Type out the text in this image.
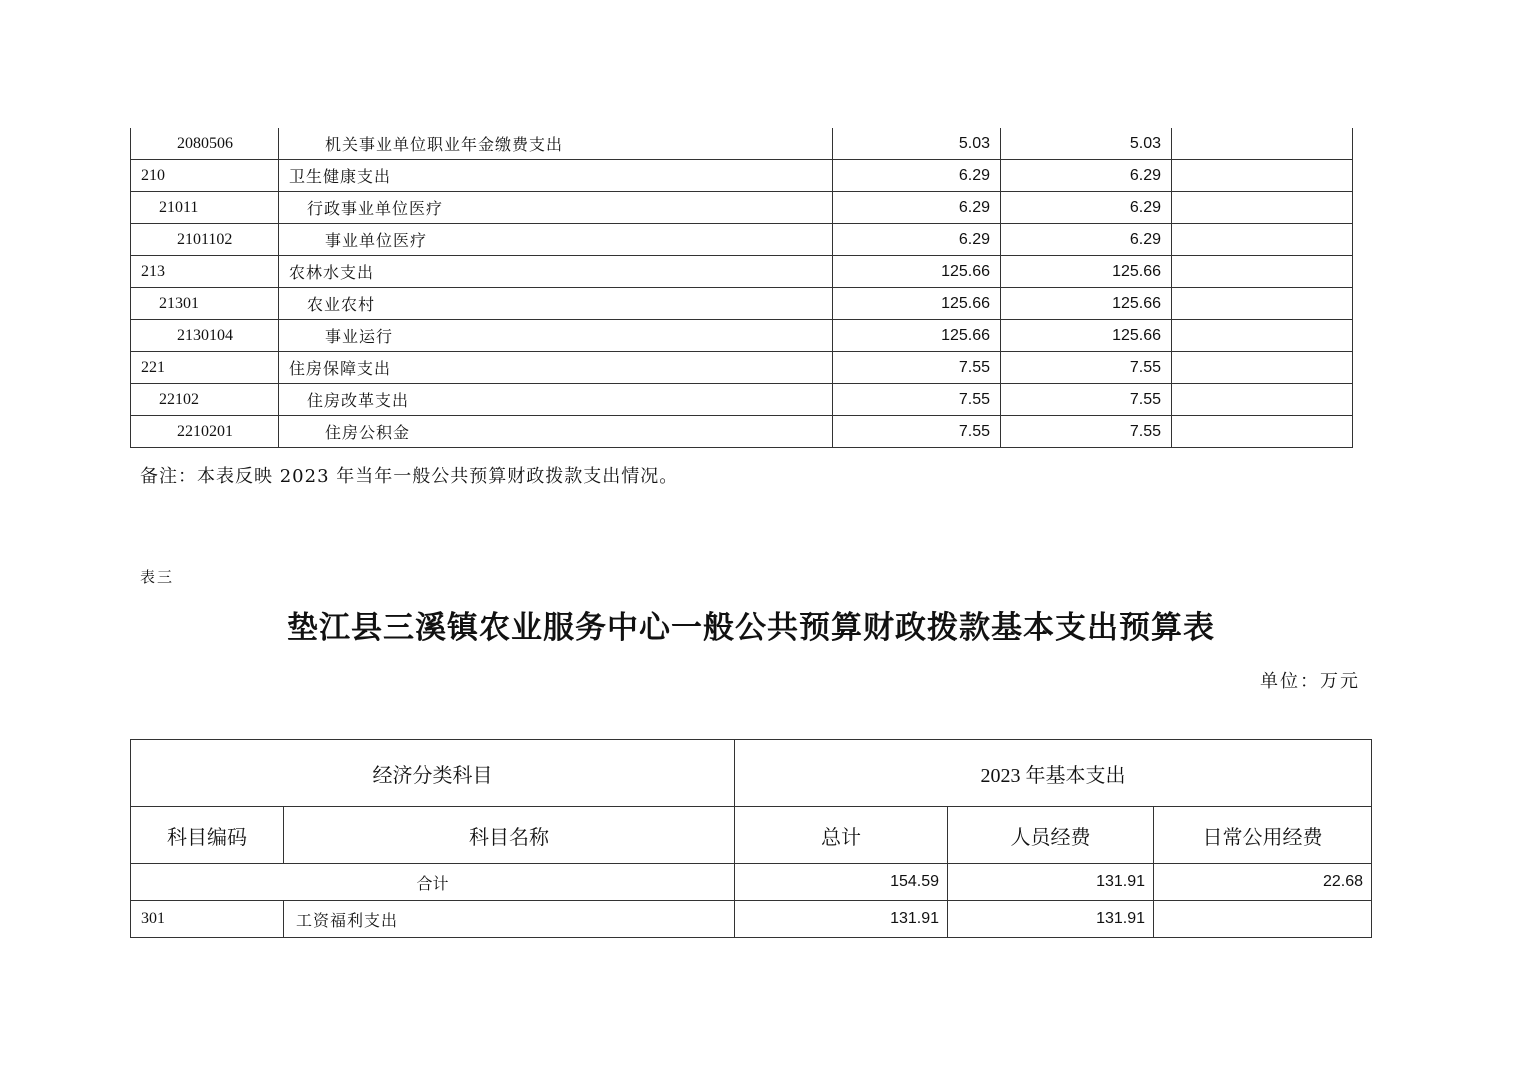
2080506	机关事业单位职业年金缴费支出	5.03	5.03	
210	卫生健康支出	6.29	6.29	
21011	行政事业单位医疗	6.29	6.29	
2101102	事业单位医疗	6.29	6.29	
213	农林水支出	125.66	125.66	
21301	农业农村	125.66	125.66	
2130104	事业运行	125.66	125.66	
221	住房保障支出	7.55	7.55	
22102	住房改革支出	7.55	7.55	
2210201	住房公积金	7.55	7.55	
备注：本表反映 2023 年当年一般公共预算财政拨款支出情况。
表三
垫江县三溪镇农业服务中心一般公共预算财政拨款基本支出预算表
单位：万元
经济分类科目		2023 年基本支出		
科目编码	科目名称	总计	人员经费	日常公用经费
合计		154.59	131.91	22.68
301	工资福利支出	131.91	131.91	
